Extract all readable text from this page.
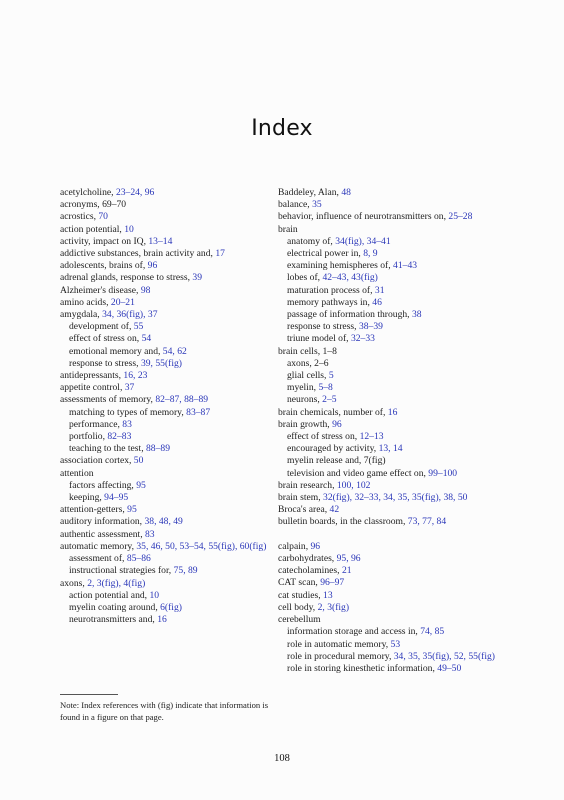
Index
acetylcholine, 23–24, 96
acronyms, 69–70
acrostics, 70
action potential, 10
activity, impact on IQ, 13–14
addictive substances, brain activity and, 17
adolescents, brains of, 96
adrenal glands, response to stress, 39
Alzheimer's disease, 98
amino acids, 20–21
amygdala, 34, 36(fig), 37
development of, 55
effect of stress on, 54
emotional memory and, 54, 62
response to stress, 39, 55(fig)
antidepressants, 16, 23
appetite control, 37
assessments of memory, 82–87, 88–89
matching to types of memory, 83–87
performance, 83
portfolio, 82–83
teaching to the test, 88–89
association cortex, 50
attention
factors affecting, 95
keeping, 94–95
attention-getters, 95
auditory information, 38, 48, 49
authentic assessment, 83
automatic memory, 35, 46, 50, 53–54, 55(fig), 60(fig)
assessment of, 85–86
instructional strategies for, 75, 89
axons, 2, 3(fig), 4(fig)
action potential and, 10
myelin coating around, 6(fig)
neurotransmitters and, 16
Baddeley, Alan, 48
balance, 35
behavior, influence of neurotransmitters on, 25–28
brain
anatomy of, 34(fig), 34–41
electrical power in, 8, 9
examining hemispheres of, 41–43
lobes of, 42–43, 43(fig)
maturation process of, 31
memory pathways in, 46
passage of information through, 38
response to stress, 38–39
triune model of, 32–33
brain cells, 1–8
axons, 2–6
glial cells, 5
myelin, 5–8
neurons, 2–5
brain chemicals, number of, 16
brain growth, 96
effect of stress on, 12–13
encouraged by activity, 13, 14
myelin release and, 7(fig)
television and video game effect on, 99–100
brain research, 100, 102
brain stem, 32(fig), 32–33, 34, 35, 35(fig), 38, 50
Broca's area, 42
bulletin boards, in the classroom, 73, 77, 84
calpain, 96
carbohydrates, 95, 96
catecholamines, 21
CAT scan, 96–97
cat studies, 13
cell body, 2, 3(fig)
cerebellum
information storage and access in, 74, 85
role in automatic memory, 53
role in procedural memory, 34, 35, 35(fig), 52, 55(fig)
role in storing kinesthetic information, 49–50
Note: Index references with (fig) indicate that information is found in a figure on that page.
108
